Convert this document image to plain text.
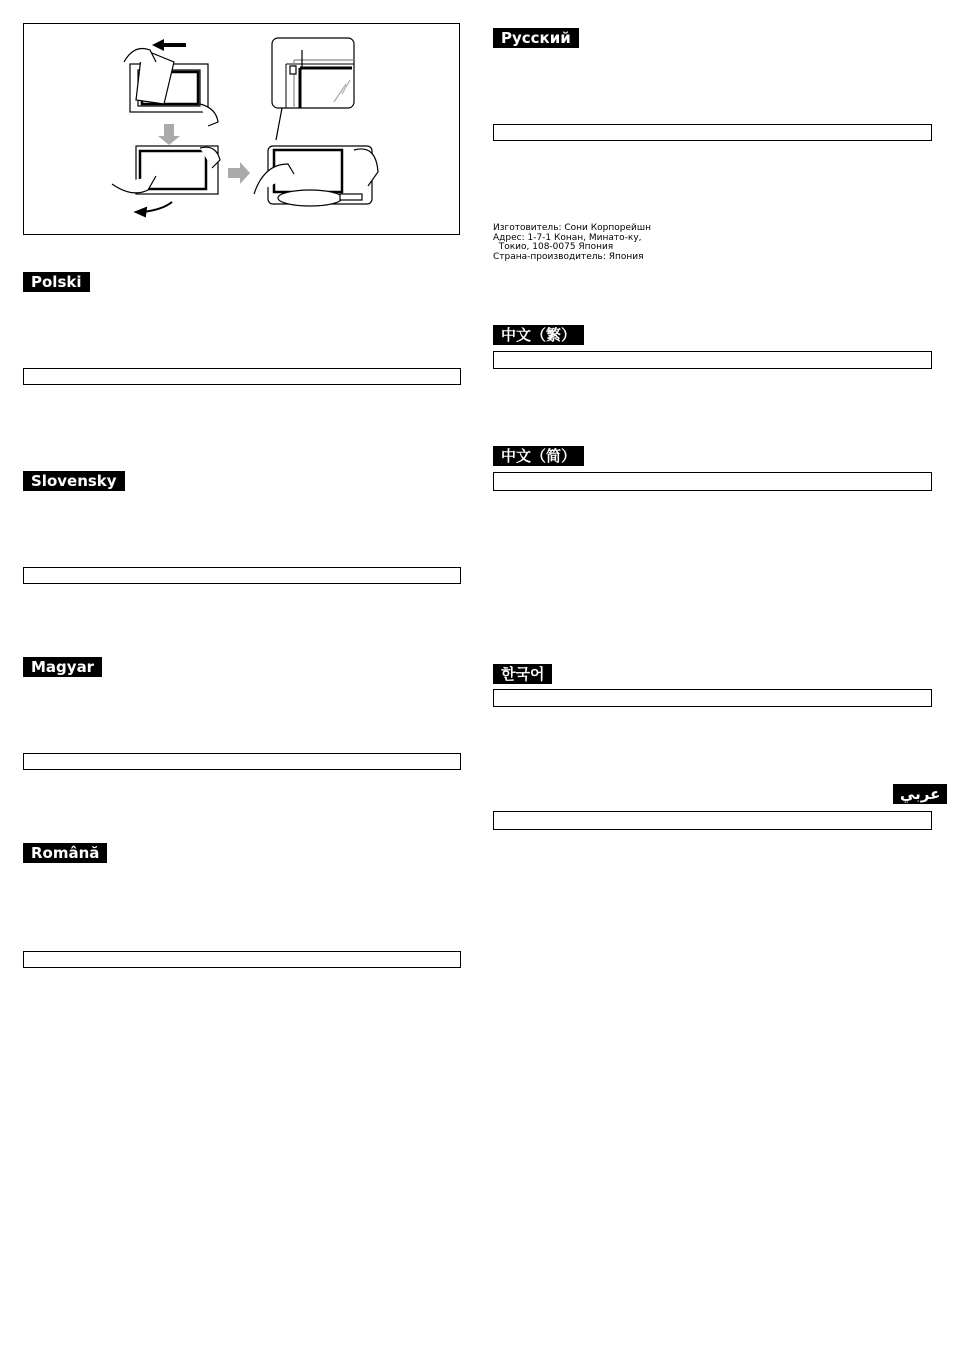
Polski
Slovensky
Magyar
Română
Русский
Изготовитель: Сони Корпорейшн
Адрес: 1-7-1 Конан, Минато-ку,
Токио, 108-0075 Япония
Страна-производитель: Япония
中文（繁）
中文（简）
한국어
عربي
